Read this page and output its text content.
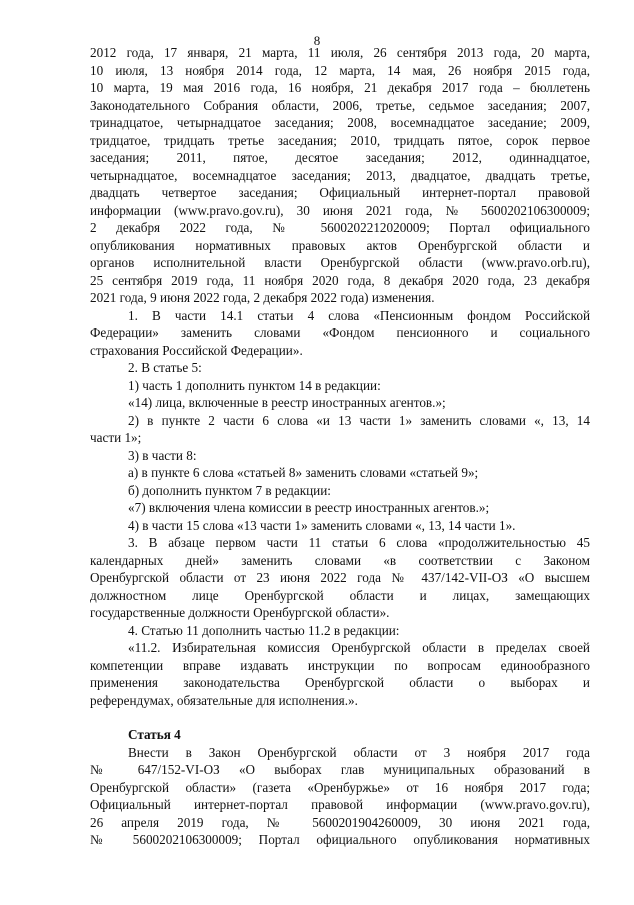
8
2012 года, 17 января, 21 марта, 11 июля, 26 сентября 2013 года, 20 марта,
10 июля, 13 ноября 2014 года, 12 марта, 14 мая, 26 ноября 2015 года,
10 марта, 19 мая 2016 года, 16 ноября, 21 декабря 2017 года – бюллетень
Законодательного Собрания области, 2006, третье, седьмое заседания; 2007,
тринадцатое, четырнадцатое заседания; 2008, восемнадцатое заседание; 2009,
тридцатое, тридцать третье заседания; 2010, тридцать пятое, сорок первое
заседания; 2011, пятое, десятое заседания; 2012, одиннадцатое,
четырнадцатое, восемнадцатое заседания; 2013, двадцатое, двадцать третье,
двадцать четвертое заседания; Официальный интернет-портал правовой
информации (www.pravo.gov.ru), 30 июня 2021 года, № 5600202106300009;
2 декабря 2022 года, № 5600202212020009; Портал официального
опубликования нормативных правовых актов Оренбургской области и
органов исполнительной власти Оренбургской области (www.pravo.orb.ru),
25 сентября 2019 года, 11 ноября 2020 года, 8 декабря 2020 года, 23 декабря
2021 года, 9 июня 2022 года, 2 декабря 2022 года) изменения.
1. В части 14.1 статьи 4 слова «Пенсионным фондом Российской
Федерации» заменить словами «Фондом пенсионного и социального
страхования Российской Федерации».
2. В статье 5:
1) часть 1 дополнить пунктом 14 в редакции:
«14) лица, включенные в реестр иностранных агентов.»;
2) в пункте 2 части 6 слова «и 13 части 1» заменить словами «, 13, 14
части 1»;
3) в части 8:
а) в пункте 6 слова «статьей 8» заменить словами «статьей 9»;
б) дополнить пунктом 7 в редакции:
«7) включения члена комиссии в реестр иностранных агентов.»;
4) в части 15 слова «13 части 1» заменить словами «, 13, 14 части 1».
3. В абзаце первом части 11 статьи 6 слова «продолжительностью 45
календарных дней» заменить словами «в соответствии с Законом
Оренбургской области от 23 июня 2022 года № 437/142-VII-ОЗ «О высшем
должностном лице Оренбургской области и лицах, замещающих
государственные должности Оренбургской области».
4. Статью 11 дополнить частью 11.2 в редакции:
«11.2. Избирательная комиссия Оренбургской области в пределах своей
компетенции вправе издавать инструкции по вопросам единообразного
применения законодательства Оренбургской области о выборах и
референдумах, обязательные для исполнения.».
Статья 4
Внести в Закон Оренбургской области от 3 ноября 2017 года
№ 647/152-VI-ОЗ «О выборах глав муниципальных образований в
Оренбургской области» (газета «Оренбуржье» от 16 ноября 2017 года;
Официальный интернет-портал правовой информации (www.pravo.gov.ru),
26 апреля 2019 года, № 5600201904260009, 30 июня 2021 года,
№ 5600202106300009; Портал официального опубликования нормативных
